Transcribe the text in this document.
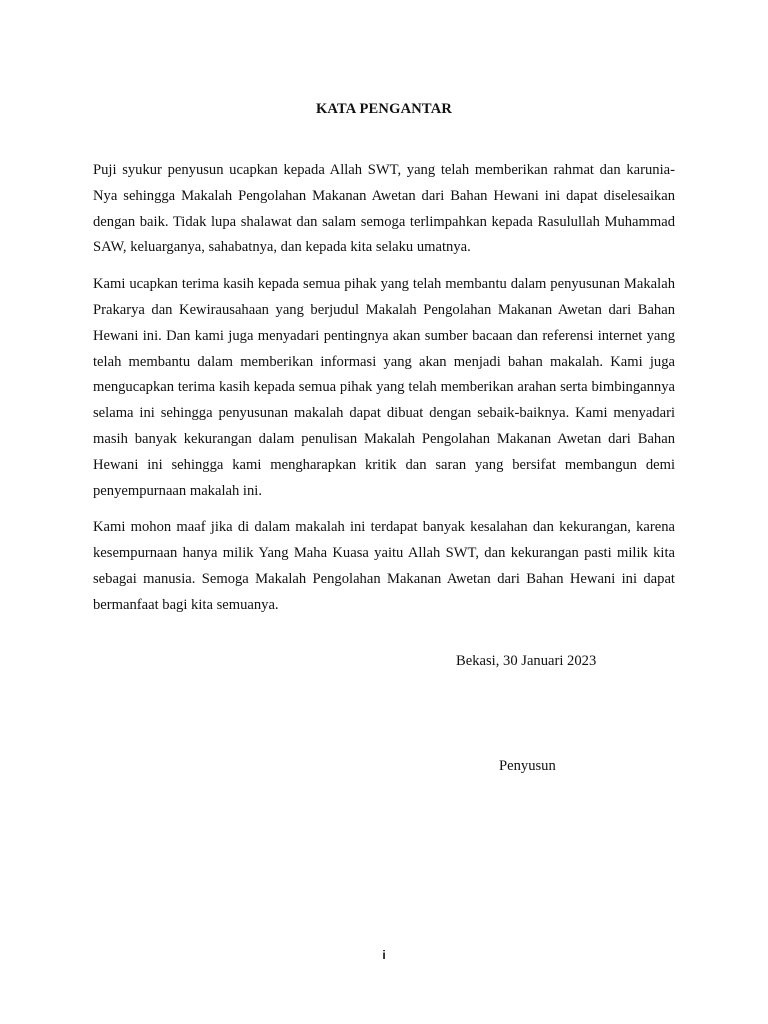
KATA PENGANTAR

Puji syukur penyusun ucapkan kepada Allah SWT, yang telah memberikan rahmat dan karunia-Nya sehingga Makalah Pengolahan Makanan Awetan dari Bahan Hewani ini dapat diselesaikan dengan baik. Tidak lupa shalawat dan salam semoga terlimpahkan kepada Rasulullah Muhammad SAW, keluarganya, sahabatnya, dan kepada kita selaku umatnya.

Kami ucapkan terima kasih kepada semua pihak yang telah membantu dalam penyusunan Makalah Prakarya dan Kewirausahaan yang berjudul Makalah Pengolahan Makanan Awetan dari Bahan Hewani ini. Dan kami juga menyadari pentingnya akan sumber bacaan dan referensi internet yang telah membantu dalam memberikan informasi yang akan menjadi bahan makalah. Kami juga mengucapkan terima kasih kepada semua pihak yang telah memberikan arahan serta bimbingannya selama ini sehingga penyusunan makalah dapat dibuat dengan sebaik-baiknya. Kami menyadari masih banyak kekurangan dalam penulisan Makalah Pengolahan Makanan Awetan dari Bahan Hewani ini sehingga kami mengharapkan kritik dan saran yang bersifat membangun demi penyempurnaan makalah ini.

Kami mohon maaf jika di dalam makalah ini terdapat banyak kesalahan dan kekurangan, karena kesempurnaan hanya milik Yang Maha Kuasa yaitu Allah SWT, dan kekurangan pasti milik kita sebagai manusia. Semoga Makalah Pengolahan Makanan Awetan dari Bahan Hewani ini dapat bermanfaat bagi kita semuanya.

Bekasi, 30 Januari 2023
Penyusun
i
